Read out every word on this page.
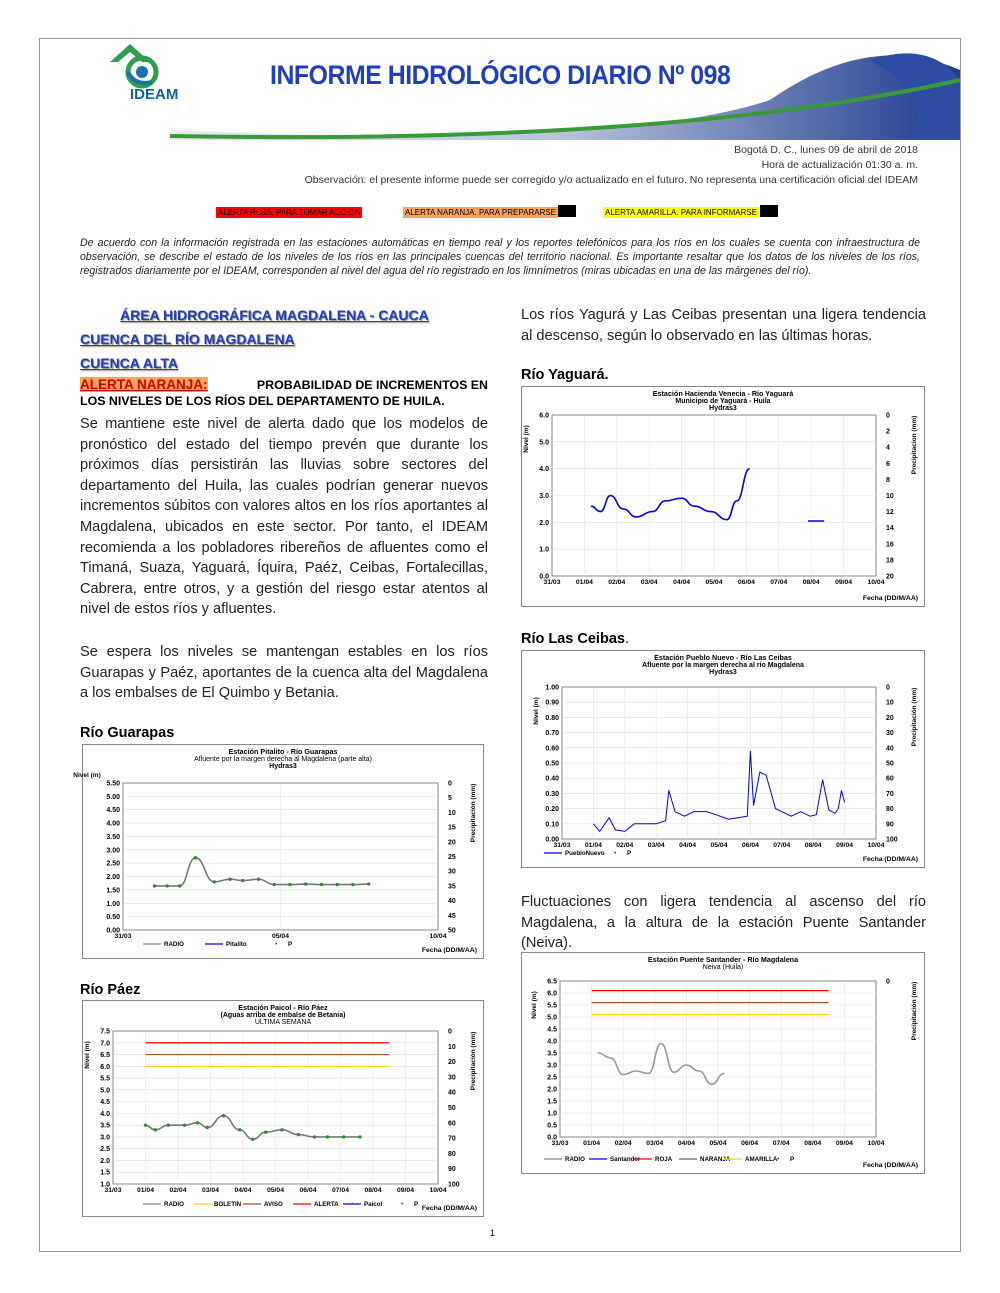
IDEAM
INFORME HIDROLÓGICO DIARIO Nº 098
Bogotá D. C., lunes 09 de abril de 2018
Hora de actualización 01:30 a. m.
Observación: el presente informe puede ser corregido y/o actualizado en el futuro. No representa una certificación oficial del IDEAM
ALERTA ROJA. PARA TOMAR ACCIÓN	ALERTA NARANJA. PARA PREPARARSE	ALERTA AMARILLA. PARA INFORMARSE
De acuerdo con la información registrada en las estaciones automáticas en tiempo real y los reportes telefónicos para los ríos en los cuales se cuenta con infraestructura de observación, se describe el estado de los niveles de los ríos en las principales cuencas del territorio nacional. Es importante resaltar que los datos de los niveles de los ríos, registrados diariamente por el IDEAM, corresponden al nivel del agua del río registrado en los limnímetros (miras ubicadas en una de las márgenes del río).
ÁREA HIDROGRÁFICA MAGDALENA - CAUCA
CUENCA DEL RÍO MAGDALENA
CUENCA ALTA
ALERTA NARANJA:	PROBABILIDAD DE INCREMENTOS EN

LOS NIVELES DE LOS RÍOS DEL DEPARTAMENTO DE HUILA.
Se mantiene este nivel de alerta dado que los modelos de pronóstico del estado del tiempo prevén que durante los próximos días persistirán las lluvias sobre sectores del departamento del Huila, las cuales podrían generar nuevos incrementos súbitos con valores altos en los ríos aportantes al Magdalena, ubicados en este sector. Por tanto, el IDEAM recomienda a los pobladores ribereños de afluentes como el Timaná, Suaza, Yaguará, Íquira, Paéz, Ceibas, Fortalecillas, Cabrera, entre otros, y a gestión del riesgo estar atentos al nivel de estos ríos y afluentes.
Se espera los niveles se mantengan estables en los ríos Guarapas y Paéz, aportantes de la cuenca alta del Magdalena a los embalses de El Quimbo y Betania.
Río Guarapas
Río Páez
Los ríos Yagurá y Las Ceibas presentan una ligera tendencia al descenso, según lo observado en las últimas horas.
Río Yaguará.
Río Las Ceibas.
Fluctuaciones con ligera tendencia al ascenso del río Magdalena, a la altura de la estación Puente Santander (Neiva).
Estación Pitalito - Río Guarapas
Afluente por la margen derecha al Magdalena (parte alta)
Hydras3
5.50
5.00
4.50
4.00
3.50
3.00
2.50
2.00
1.50
1.00
0.50
0.00
0
5
10
15
20
25
30
35
40
45
50
31/03	05/04	10/04
Nivel (m)
Precipitación (mm)
Fecha (DD/M/AA)
RADIO	Pitalito	• P
Estación Paicol - Río Páez
(Aguas arriba de embalse de Betania)
ULTIMA SEMANA
7.5
7.0
6.5
6.0
5.5
5.0
4.5
4.0
3.5
3.0
2.5
2.0
1.5
1.0
0
10
20
30
40
50
60
70
80
90
100
31/03 01/04 02/04 03/04 04/04 05/04 06/04 07/04 08/04 09/04 10/04
Nivel (m)	Precipitación (mm)
Fecha (DD/M/AA)
RADIO	BOLETIN	AVISO	ALERTA • Paicol	• P
Estación Hacienda Venecia - Río Yaguará
Municipio de Yaguará - Huila
Hydras3
6.0
5.0
4.0
3.0
2.0
1.0
0.0
0
2
4
6
8
10
12
14
16
18
20
31/03 01/04 02/04 03/04 04/04 05/04 06/04 07/04 08/04 09/04 10/04
Nivel (m)	Precipitacion (mm)
Fecha (DD/M/AA)
Estación Pueblo Nuevo - Río Las Ceibas
Afluente por la margen derecha al río Magdalena
Hydras3
1.00
0.90
0.80
0.70
0.60
0.50
0.40
0.30
0.20
0.10
0.00
0
10
20
30
40
50
60
70
80
90
100
31/03 01/04 02/04 03/04 04/04 05/04 06/04 07/04 08/04 09/04 10/04
Nivel (m)	Precipitación (mm)
Fecha (DD/M/AA)
PuebloNuevo • P
Estación Puente Santander - Río Magdalena
Neiva (Huila)
6.5
6.0
5.5
5.0
4.5
4.0
3.5
3.0
2.5
2.0
1.5
1.0
0.5
0.0
0
31/03 01/04 02/04 03/04 04/04 05/04 06/04 07/04 08/04 09/04 10/04
Nivel (m)	Precipitación (mm)
Fecha (DD/M/AA)
RADIO	Santander ROJA	NARANJA AMARILLA • P
1
